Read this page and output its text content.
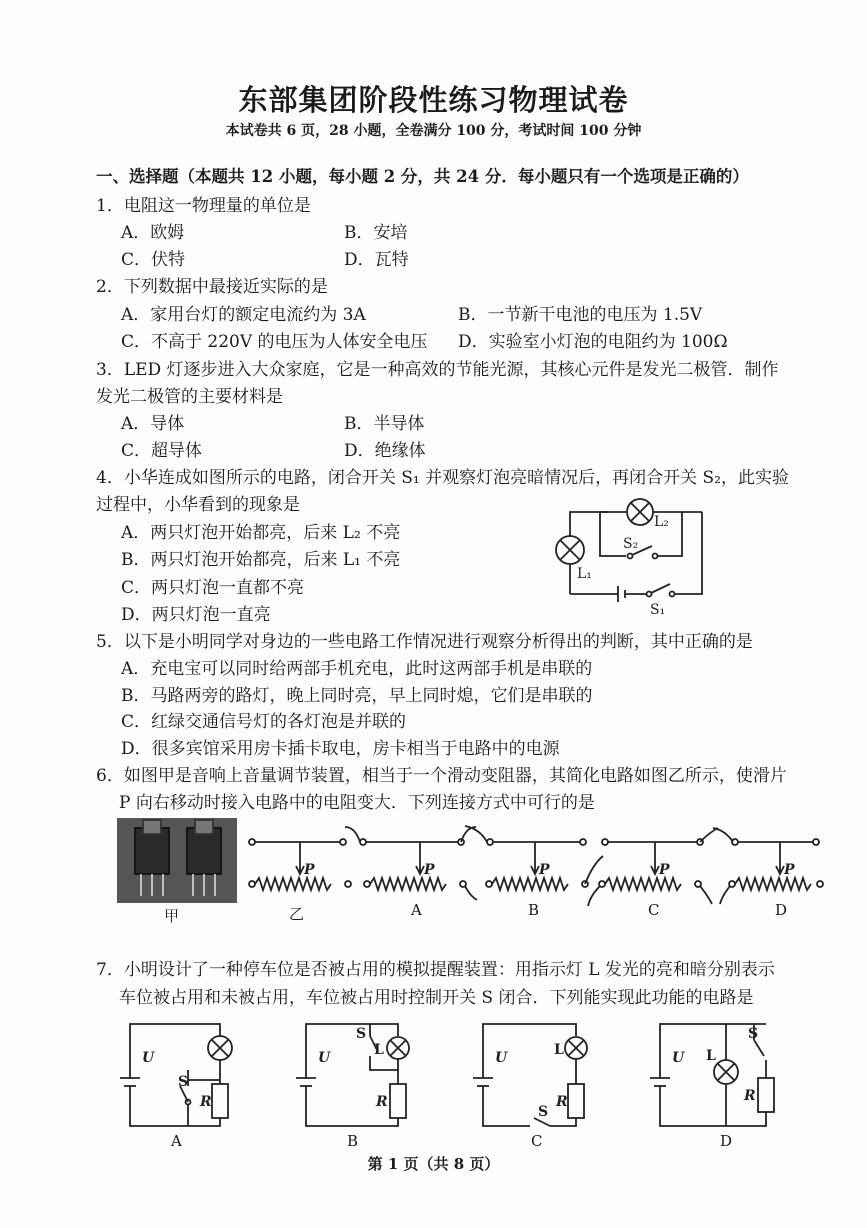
东部集团阶段性练习物理试卷
本试卷共 6 页，28 小题，全卷满分 100 分，考试时间 100 分钟
一、选择题（本题共 12 小题，每小题 2 分，共 24 分．每小题只有一个选项是正确的）
1．电阻这一物理量的单位是
A．欧姆	B．安培
C．伏特	D．瓦特
2．下列数据中最接近实际的是
A．家用台灯的额定电流约为 3A	B．一节新干电池的电压为 1.5V
C．不高于 220V 的电压为人体安全电压 D．实验室小灯泡的电阻约为 100Ω
3．LED 灯逐步进入大众家庭，它是一种高效的节能光源，其核心元件是发光二极管．制作
发光二极管的主要材料是
A．导体	B．半导体
C．超导体	D．绝缘体
4．小华连成如图所示的电路，闭合开关 S₁ 并观察灯泡亮暗情况后，再闭合开关 S₂，此实验
过程中，小华看到的现象是
A．两只灯泡开始都亮，后来 L₂ 不亮
B．两只灯泡开始都亮，后来 L₁ 不亮
C．两只灯泡一直都不亮
D．两只灯泡一直亮
L₁
L₂
S₂
S₁
5．以下是小明同学对身边的一些电路工作情况进行观察分析得出的判断，其中正确的是
A．充电宝可以同时给两部手机充电，此时这两部手机是串联的
B．马路两旁的路灯，晚上同时亮，早上同时熄，它们是串联的
C．红绿交通信号灯的各灯泡是并联的
D．很多宾馆采用房卡插卡取电，房卡相当于电路中的电源
6．如图甲是音响上音量调节装置，相当于一个滑动变阻器，其简化电路如图乙所示，使滑片
P 向右移动时接入电路中的电阻变大．下列连接方式中可行的是
甲
P	P	P	P	P
乙	A	B	C	D
7．小明设计了一种停车位是否被占用的模拟提醒装置：用指示灯 L 发光的亮和暗分别表示
车位被占用和未被占用，车位被占用时控制开关 S 闭合．下列能实现此功能的电路是
U
S
R
U
S
L
R
U	L
R
S
U L
S
R
A	B	C	D
第 1 页（共 8 页）
